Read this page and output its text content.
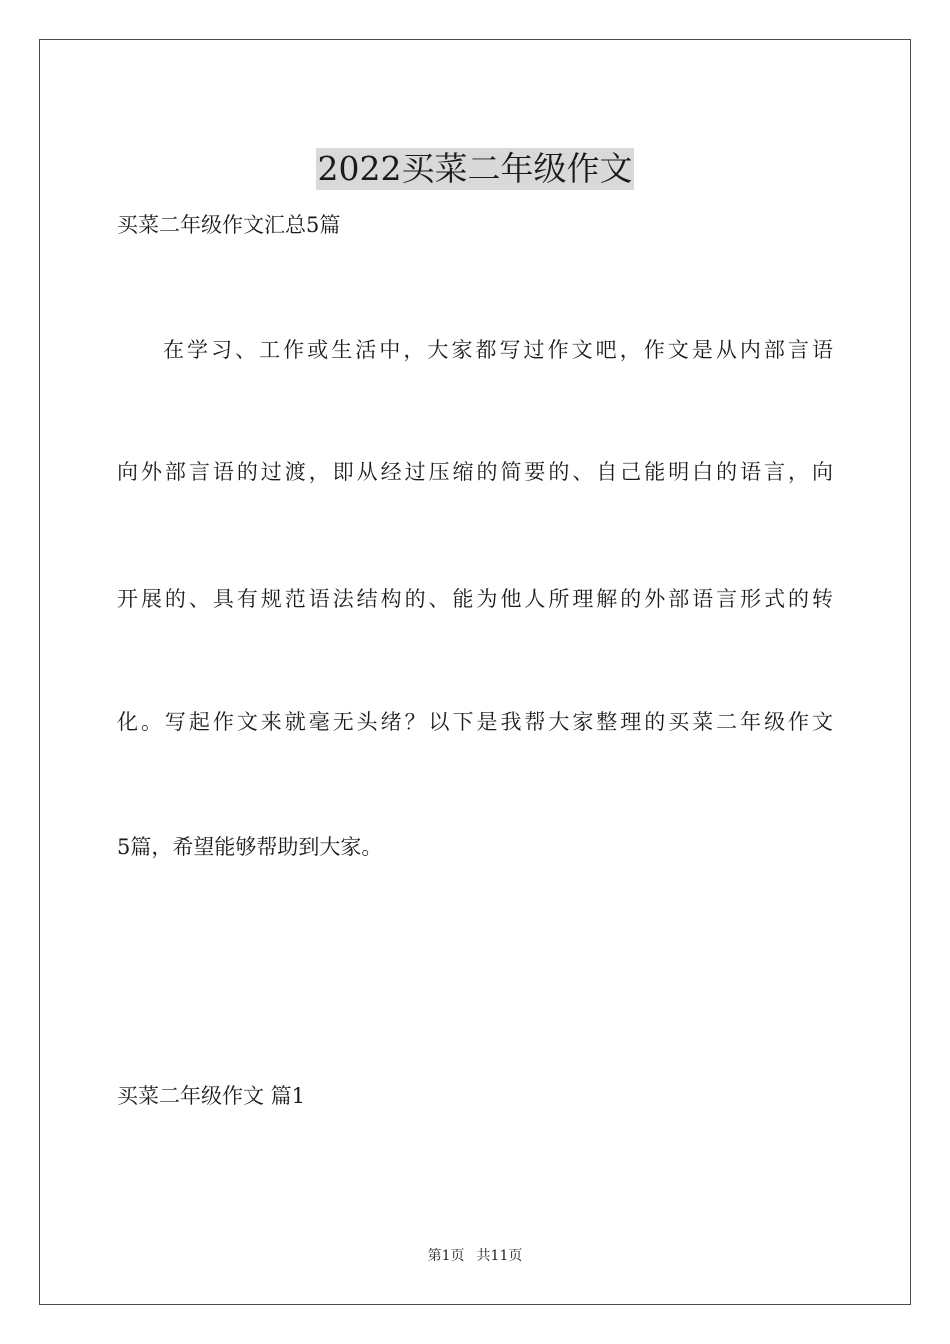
2022买菜二年级作文
买菜二年级作文汇总5篇
在学习、工作或生活中，大家都写过作文吧，作文是从内部言语
向外部言语的过渡，即从经过压缩的简要的、自己能明白的语言，向
开展的、具有规范语法结构的、能为他人所理解的外部语言形式的转
化。写起作文来就毫无头绪？以下是我帮大家整理的买菜二年级作文
5篇，希望能够帮助到大家。
买菜二年级作文 篇1
第1页 共11页
